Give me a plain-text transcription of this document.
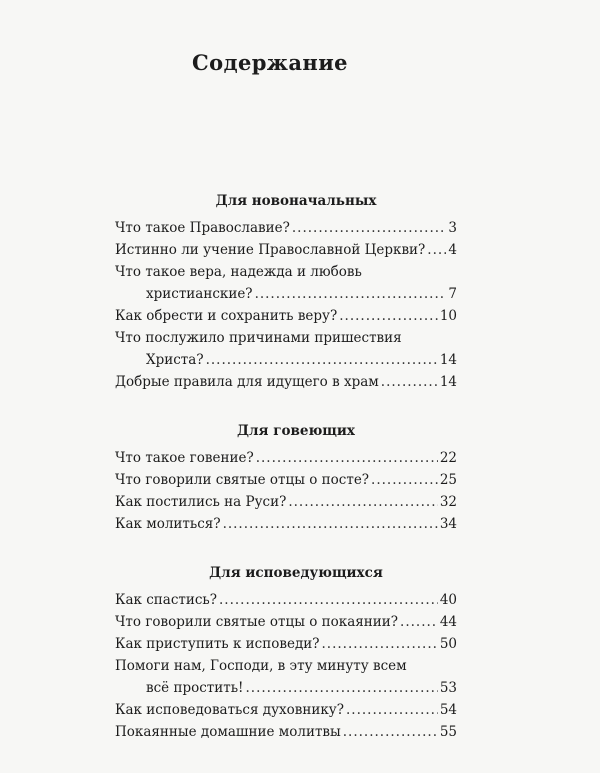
Содержание
Для новоначальных
Что такое Православие? .....	3
Истинно ли учение Православной Церкви? ..... 4
Что такое вера, надежда и любовь
христианские? .....	7
Как обрести и сохранить веру? .....	10
Что послужило причинами пришествия
Христа? .....	14
Добрые правила для идущего в храм .....	14
Для говеющих
Что такое говение? .....	22
Что говорили святые отцы о посте? .....	25
Как постились на Руси? .....	32
Как молиться? .....	34
Для исповедующихся
Как спастись? .....	40
Что говорили святые отцы о покаянии? .....	44
Как приступить к исповеди? .....	50
Помоги нам, Господи, в эту минуту всем
всё простить! .....	53
Как исповедоваться духовнику? .....	54
Покаянные домашние молитвы .....	55
